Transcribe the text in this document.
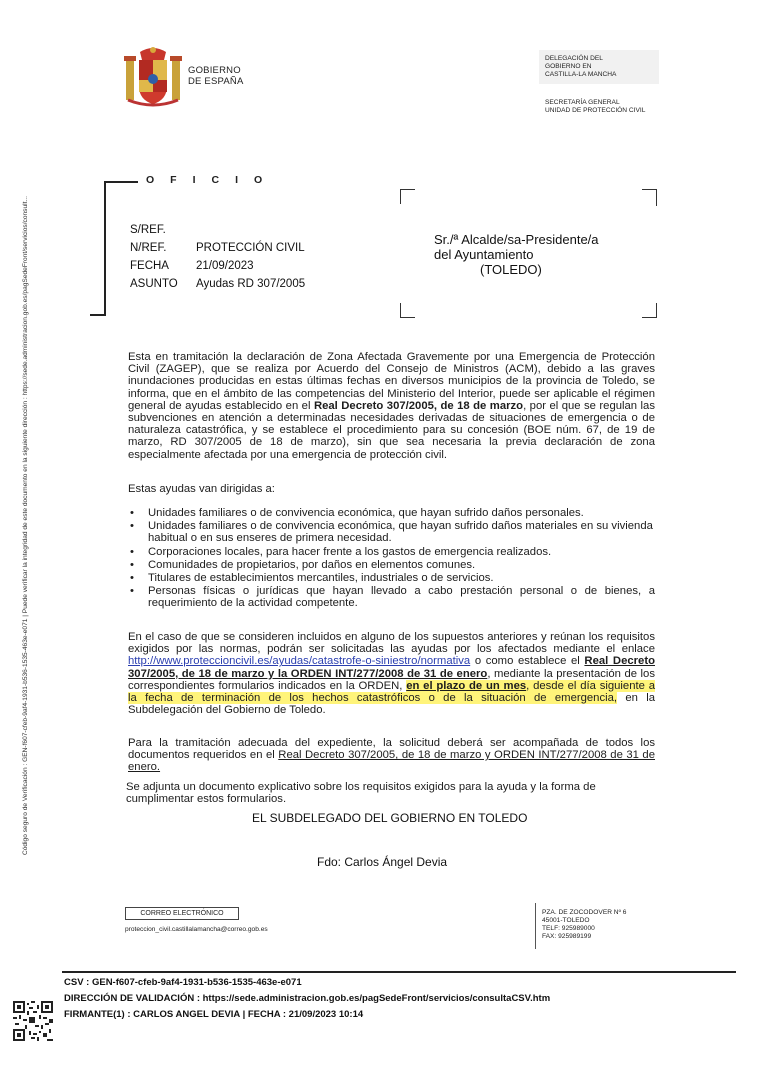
Código seguro de Verificación : GEN-f607-cfeb-9af4-1931-b536-1535-463e-e071 | Puede verificar la integridad de este documento en la siguiente dirección : https://sede.administracion.gob.es/pagSedeFront/servicios/consult...
GOBIERNO
DE ESPAÑA
DELEGACIÓN DEL
GOBIERNO EN
CASTILLA-LA MANCHA
SECRETARÍA GENERAL
UNIDAD DE PROTECCIÓN CIVIL
OFICIO
S/REF.	
N/REF.	PROTECCIÓN CIVIL
FECHA	21/09/2023
ASUNTO	Ayudas RD 307/2005
Sr./ª Alcalde/sa-Presidente/a
del Ayuntamiento
(TOLEDO)
Esta en tramitación la declaración de Zona Afectada Gravemente por una Emergencia de Protección Civil (ZAGEP), que se realiza por Acuerdo del Consejo de Ministros (ACM), debido a las graves inundaciones producidas en estas últimas fechas en diversos municipios de la provincia de Toledo, se informa, que en el ámbito de las competencias del Ministerio del Interior, puede ser aplicable el régimen general de ayudas establecido en el Real Decreto 307/2005, de 18 de marzo, por el que se regulan las subvenciones en atención a determinadas necesidades derivadas de situaciones de emergencia o de naturaleza catastrófica, y se establece el procedimiento para su concesión (BOE núm. 67, de 19 de marzo, RD 307/2005 de 18 de marzo), sin que sea necesaria la previa declaración de zona especialmente afectada por una emergencia de protección civil.
Estas ayudas van dirigidas a:
• Unidades familiares o de convivencia económica, que hayan sufrido daños personales.
• Unidades familiares o de convivencia económica, que hayan sufrido daños materiales en su vivienda habitual o en sus enseres de primera necesidad.
• Corporaciones locales, para hacer frente a los gastos de emergencia realizados.
• Comunidades de propietarios, por daños en elementos comunes.
• Titulares de establecimientos mercantiles, industriales o de servicios.
• Personas físicas o jurídicas que hayan llevado a cabo prestación personal o de bienes, a requerimiento de la actividad competente.
En el caso de que se consideren incluidos en alguno de los supuestos anteriores y reúnan los requisitos exigidos por las normas, podrán ser solicitadas las ayudas por los afectados mediante el enlace http://www.proteccioncivil.es/ayudas/catastrofe-o-siniestro/normativa o como establece el Real Decreto 307/2005, de 18 de marzo y la ORDEN INT/277/2008 de 31 de enero, mediante la presentación de los correspondientes formularios indicados en la ORDEN, en el plazo de un mes, desde el día siguiente a la fecha de terminación de los hechos catastróficos o de la situación de emergencia, en la Subdelegación del Gobierno de Toledo.
Para la tramitación adecuada del expediente, la solicitud deberá ser acompañada de todos los documentos requeridos en el Real Decreto 307/2005, de 18 de marzo y ORDEN INT/277/2008 de 31 de enero.
Se adjunta un documento explicativo sobre los requisitos exigidos para la ayuda y la forma de cumplimentar estos formularios.
EL SUBDELEGADO DEL GOBIERNO EN TOLEDO
Fdo: Carlos Ángel Devia
CORREO ELECTRÓNICO
proteccion_civil.castillalamancha@correo.gob.es
PZA. DE ZOCODOVER Nº 6
45001-TOLEDO
TELF: 925989000
FAX: 925989199
CSV : GEN-f607-cfeb-9af4-1931-b536-1535-463e-e071
DIRECCIÓN DE VALIDACIÓN : https://sede.administracion.gob.es/pagSedeFront/servicios/consultaCSV.htm
FIRMANTE(1) : CARLOS ANGEL DEVIA | FECHA : 21/09/2023 10:14
